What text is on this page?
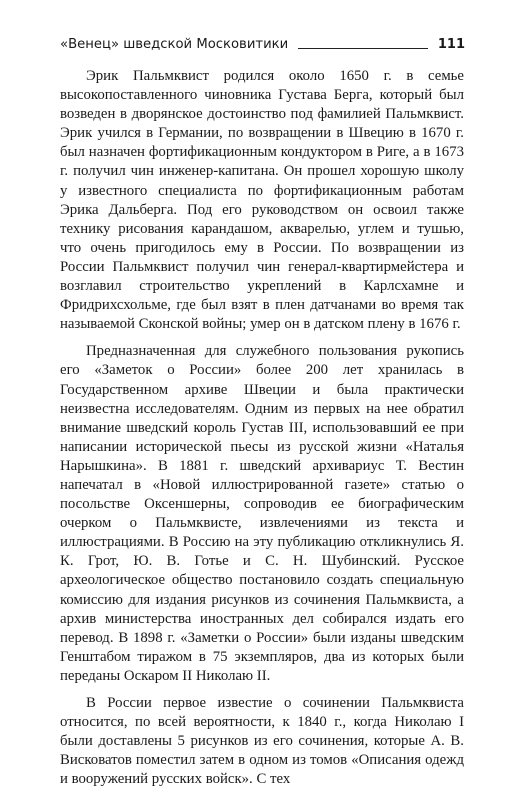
«Венец» шведской Московитики	111

Эрик Пальмквист родился около 1650 г. в семье высокопоставленного чиновника Густава Берга, который был возведен в дворянское достоинство под фамилией Пальмквист. Эрик учился в Германии, по возвращении в Швецию в 1670 г. был назначен фортификационным кондуктором в Риге, а в 1673 г. получил чин инженер-капитана. Он прошел хорошую школу у известного специалиста по фортификационным работам Эрика Дальберга. Под его руководством он освоил также технику рисования карандашом, акварелью, углем и тушью, что очень пригодилось ему в России. По возвращении из России Пальмквист получил чин генерал-квартирмейстера и возглавил строительство укреплений в Карлсхамне и Фридрихсхольме, где был взят в плен датчанами во время так называемой Сконской войны; умер он в датском плену в 1676 г.

Предназначенная для служебного пользования рукопись его «Заметок о России» более 200 лет хранилась в Государственном архиве Швеции и была практически неизвестна исследователям. Одним из первых на нее обратил внимание шведский король Густав III, использовавший ее при написании исторической пьесы из русской жизни «Наталья Нарышкина». В 1881 г. шведский архивариус Т. Вестин напечатал в «Новой иллюстрированной газете» статью о посольстве Оксеншерны, сопроводив ее биографическим очерком о Пальмквисте, извлечениями из текста и иллюстрациями. В Россию на эту публикацию откликнулись Я. К. Грот, Ю. В. Готье и С. Н. Шубинский. Русское археологическое общество постановило создать специальную комиссию для издания рисунков из сочинения Пальмквиста, а архив министерства иностранных дел собирался издать его перевод. В 1898 г. «Заметки о России» были изданы шведским Генштабом тиражом в 75 экземпляров, два из которых были переданы Оскаром II Николаю II.

В России первое известие о сочинении Пальмквиста относится, по всей вероятности, к 1840 г., когда Николаю I были доставлены 5 рисунков из его сочинения, которые А. В. Висковатов поместил затем в одном из томов «Описания одежд и вооружений русских войск». С тех
